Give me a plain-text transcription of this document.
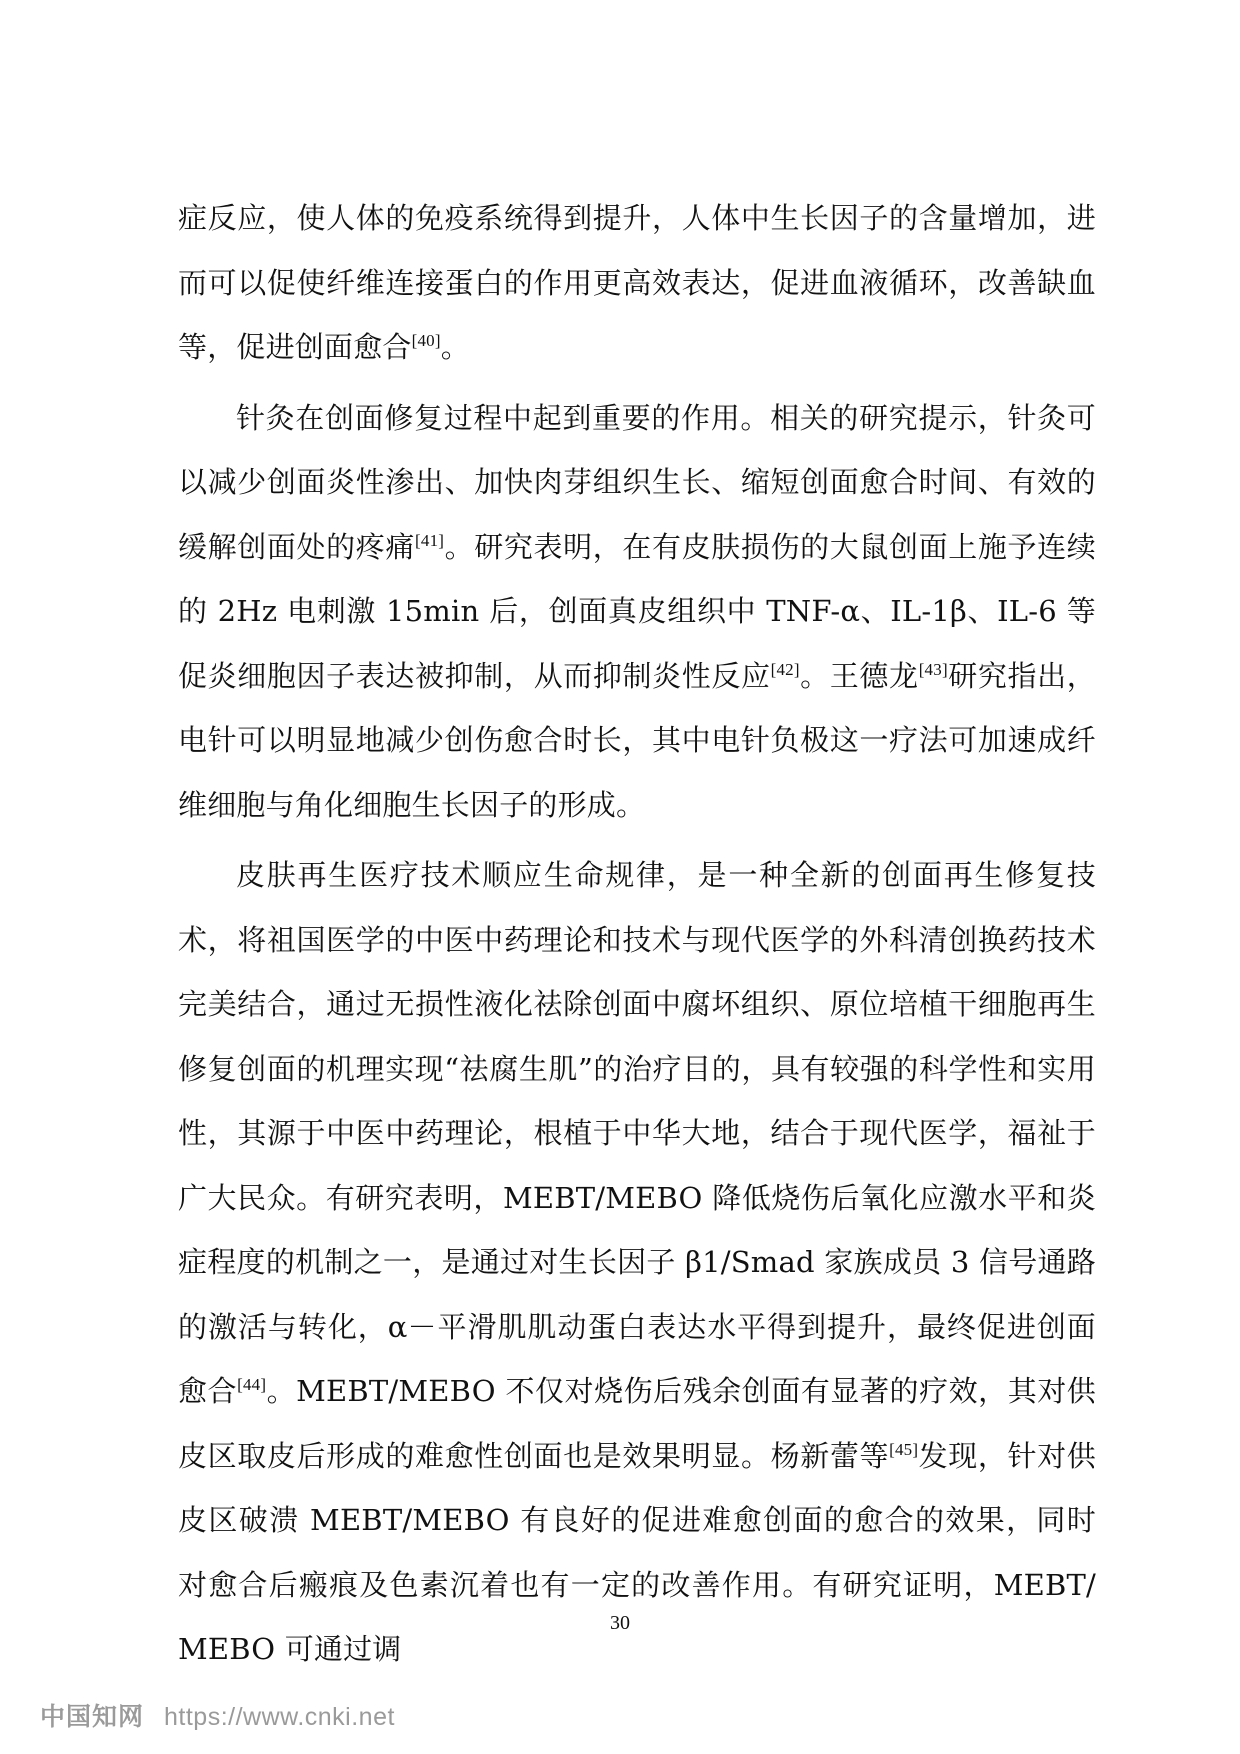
症反应，使人体的免疫系统得到提升，人体中生长因子的含量增加，进而可以促使纤维连接蛋白的作用更高效表达，促进血液循环，改善缺血等，促进创面愈合[40]。

针灸在创面修复过程中起到重要的作用。相关的研究提示，针灸可以减少创面炎性渗出、加快肉芽组织生长、缩短创面愈合时间、有效的缓解创面处的疼痛[41]。研究表明，在有皮肤损伤的大鼠创面上施予连续的 2Hz 电刺激 15min 后，创面真皮组织中 TNF-α、IL-1β、IL-6 等促炎细胞因子表达被抑制，从而抑制炎性反应[42]。王德龙[43]研究指出，电针可以明显地减少创伤愈合时长，其中电针负极这一疗法可加速成纤维细胞与角化细胞生长因子的形成。

皮肤再生医疗技术顺应生命规律，是一种全新的创面再生修复技术，将祖国医学的中医中药理论和技术与现代医学的外科清创换药技术完美结合，通过无损性液化祛除创面中腐坏组织、原位培植干细胞再生修复创面的机理实现“祛腐生肌”的治疗目的，具有较强的科学性和实用性，其源于中医中药理论，根植于中华大地，结合于现代医学，福祉于广大民众。有研究表明，MEBT/MEBO 降低烧伤后氧化应激水平和炎症程度的机制之一，是通过对生长因子 β1/Smad 家族成员 3 信号通路的激活与转化，α－平滑肌肌动蛋白表达水平得到提升，最终促进创面愈合[44]。MEBT/MEBO 不仅对烧伤后残余创面有显著的疗效，其对供皮区取皮后形成的难愈性创面也是效果明显。杨新蕾等[45]发现，针对供皮区破溃 MEBT/MEBO 有良好的促进难愈创面的愈合的效果，同时对愈合后瘢痕及色素沉着也有一定的改善作用。有研究证明，MEBT/MEBO 可通过调

30
中国知网 https://www.cnki.net
